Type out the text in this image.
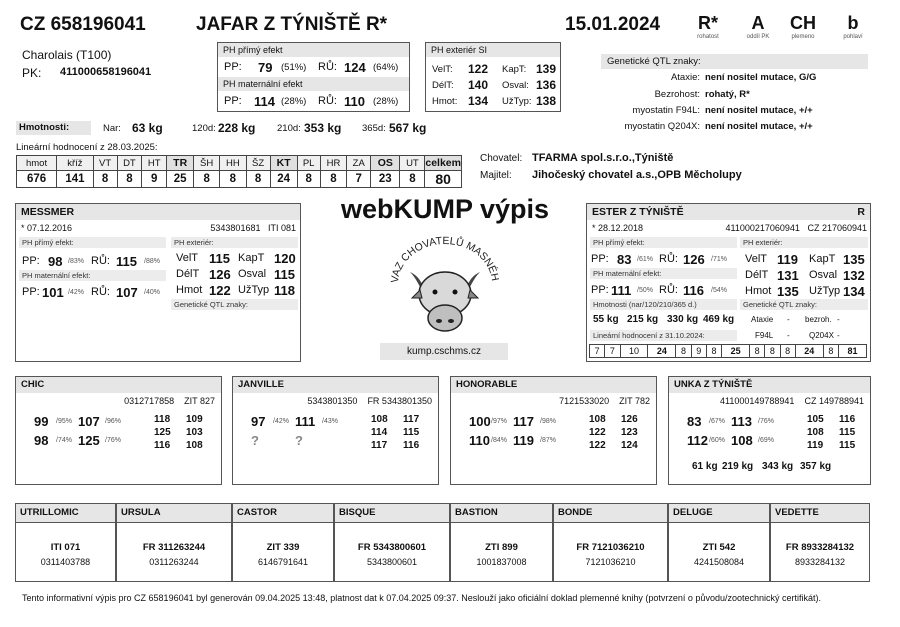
CZ 658196041	JAFAR Z TÝNIŠTĚ R*	15.01.2024	R*
rohatost
A
oddíl PK
CH
plemeno
b
pohlaví
Charolais (T100)
PK: 411000658196041
PH přímý efekt
PP: 79 (51%) RŮ: 124 (64%)
PH maternální efekt
PP: 114 (28%) RŮ: 110 (28%)
PH exteriér SI
VelT: 122 KapT: 139
DélT: 140 Osval: 136
Hmot: 134 UžTyp: 138
Genetické QTL znaky:
Ataxie: není nositel mutace, G/G
Bezrohost: rohatý, R*
myostatin F94L: není nositel mutace, +/+
myostatin Q204X: není nositel mutace, +/+
Hmotnosti:	Nar: 63 kg	120d: 228 kg 210d: 353 kg 365d: 567 kg
Lineární hodnocení z 28.03.2025:
hmot	kříž	VT	DT	HT	TR	ŠH	HH	ŠZ	KT	PL	HR	ZA	OS	UT	celkem
676	141	8	8	9	25	8	8	8	24	8	8	7	23	8	80
Chovatel: TFARMA spol.s.r.o.,Týniště
Majitel: Jihočeský chovatel a.s.,OPB Měcholupy
webKUMP výpis
VAZ CHOVATELŮ MASNÉH
kump.cschms.cz
MESSMER
* 07.12.2016	5343801681 ITI 081
PH přímý efekt:	PH exteriér:
PP: 98 /83% RŮ: 115 /88%
PH maternální efekt:
PP: 101 /42% RŮ: 107 /40%
VelT 115 KapT 120
DélT 126 Osval 115
Hmot 122 UžTyp 118
Genetické QTL znaky:
ESTER Z TÝNIŠTĚ	R
* 28.12.2018	411000217060941 CZ 217060941
PH přímý efekt:	PH exteriér:
PP: 83 /61% RŮ: 126 /71%
PH maternální efekt:
PP: 111 /50% RŮ: 116 /54%
VelT 119 KapT 135
DélT 131 Osval 132
Hmot 135 UžTyp 134
Hmotnosti (nar/120/210/365 d.)	Genetické QTL znaky:
55 kg 215 kg 330 kg 469 kg Ataxie - bezroh. -
F94L - Q204X -
Lineární hodnocení z 31.10.2024:
7	7	10	24	8	9	8	25	8	8	8	24	8	81
CHIC
0312717858 ZIT 827
99 /95% 107 /96%
98 /74% 125 /76%
118 109
125 103
116 108
JANVILLE
5343801350 FR 5343801350
97 /42% 111 /43%
?	?
108 117
114 115
117 116
HONORABLE
7121533020 ZIT 782
100 /97% 117 /98%
110 /84% 119 /87%
108 126
122 123
122 124
UNKA Z TÝNIŠTĚ
411000149788941 CZ 149788941
83 /67% 113 /76%
112 /60% 108 /69%
105 116
108 115
119 115
61 kg 219 kg 343 kg 357 kg
UTRILLOMIC
ITI 071
0311403788
URSULA
FR 311263244
0311263244
CASTOR
ZIT 339
6146791641
BISQUE
FR 5343800601
5343800601
BASTION
ZTI 899
1001837008
BONDE
FR 7121036210
7121036210
DELUGE
ZTI 542
4241508084
VEDETTE
FR 8933284132
8933284132
Tento informativní výpis pro CZ 658196041 byl generován 09.04.2025 13:48, platnost dat k 07.04.2025 09:37. Neslouží jako oficiální doklad plemenné knihy (potvrzení o původu/zootechnický certifikát).
